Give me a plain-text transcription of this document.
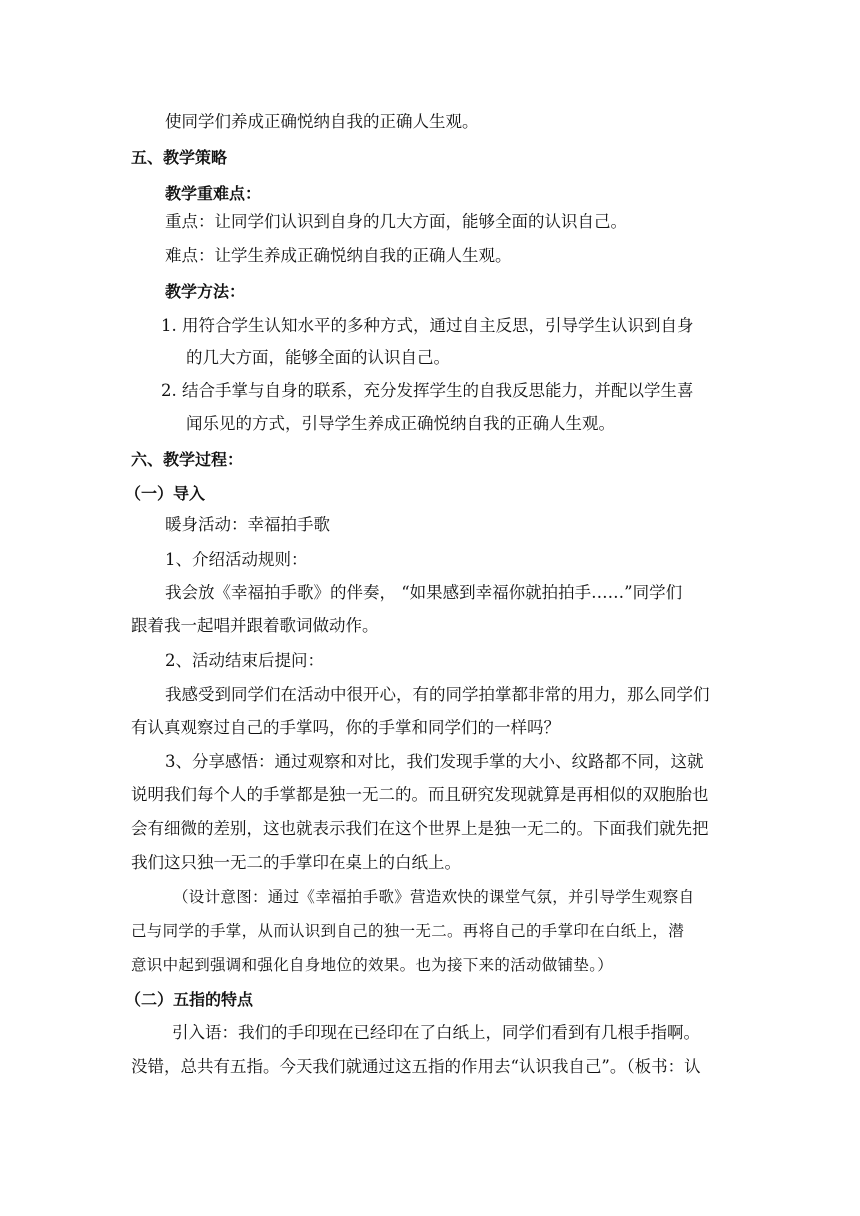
使同学们养成正确悦纳自我的正确人生观。
五、教学策略
教学重难点：
重点：让同学们认识到自身的几大方面，能够全面的认识自己。
难点：让学生养成正确悦纳自我的正确人生观。
教学方法：
1. 用符合学生认知水平的多种方式，通过自主反思，引导学生认识到自身
的几大方面，能够全面的认识自己。
2. 结合手掌与自身的联系，充分发挥学生的自我反思能力，并配以学生喜
闻乐见的方式，引导学生养成正确悦纳自我的正确人生观。
六、教学过程：
（一）导入
暖身活动：幸福拍手歌
1、介绍活动规则：
我会放《幸福拍手歌》的伴奏， “如果感到幸福你就拍拍手……”同学们
跟着我一起唱并跟着歌词做动作。
2、活动结束后提问：
我感受到同学们在活动中很开心，有的同学拍掌都非常的用力，那么同学们
有认真观察过自己的手掌吗，你的手掌和同学们的一样吗？
3、分享感悟：通过观察和对比，我们发现手掌的大小、纹路都不同，这就
说明我们每个人的手掌都是独一无二的。而且研究发现就算是再相似的双胞胎也
会有细微的差别，这也就表示我们在这个世界上是独一无二的。下面我们就先把
我们这只独一无二的手掌印在桌上的白纸上。
（设计意图：通过《幸福拍手歌》营造欢快的课堂气氛，并引导学生观察自
己与同学的手掌，从而认识到自己的独一无二。再将自己的手掌印在白纸上，潜
意识中起到强调和强化自身地位的效果。也为接下来的活动做铺垫。）
（二）五指的特点
引入语：我们的手印现在已经印在了白纸上，同学们看到有几根手指啊。
没错，总共有五指。今天我们就通过这五指的作用去“认识我自己”。（板书：认
